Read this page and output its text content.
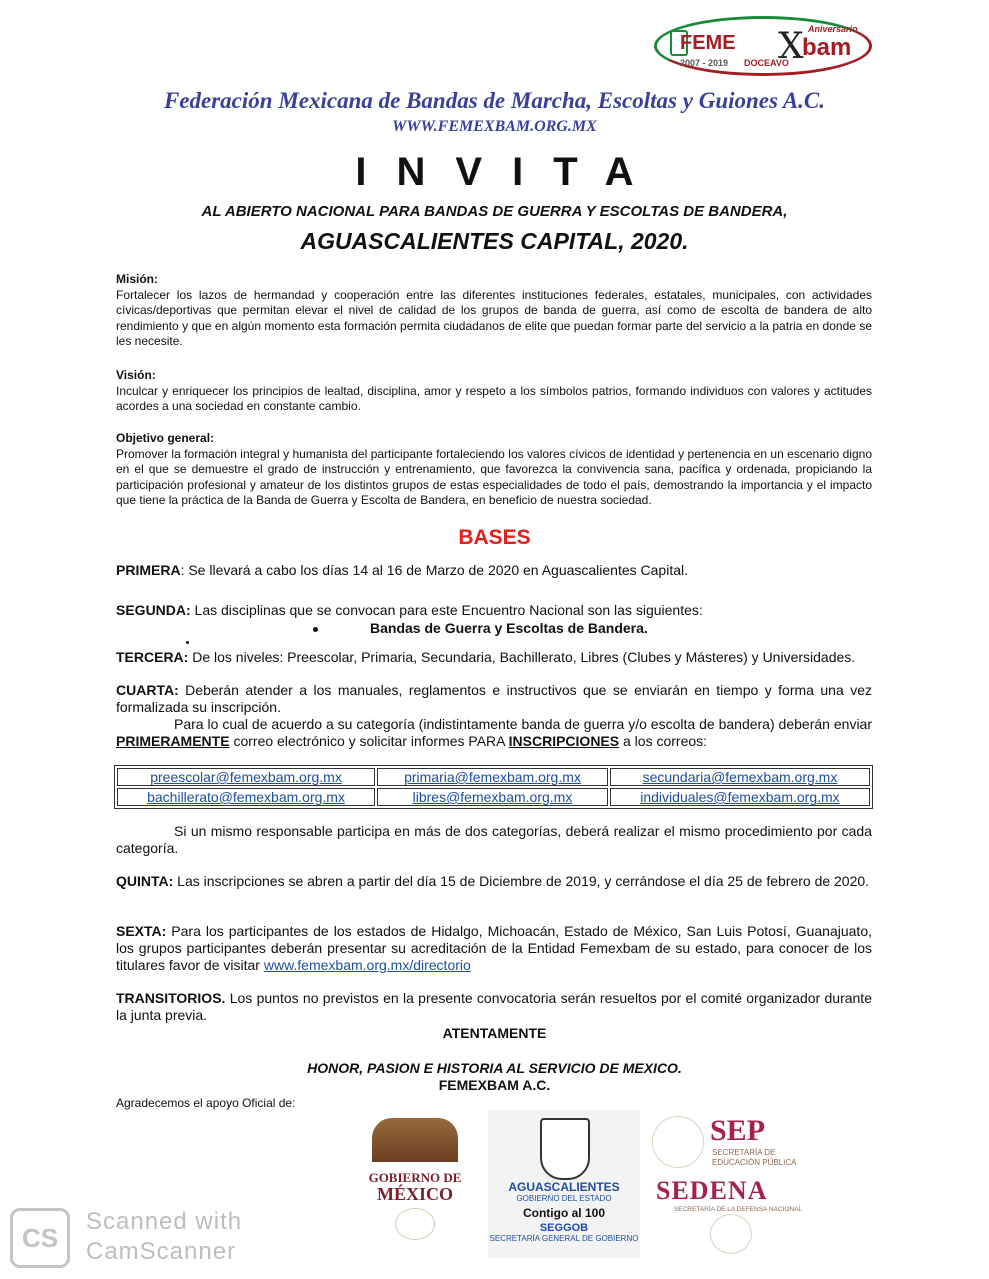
FEME X
bam
Aniversario
2007 - 2019 DOCEAVO
Federación Mexicana de Bandas de Marcha, Escoltas y Guiones A.C.
WWW.FEMEXBAM.ORG.MX
INVITA
AL ABIERTO NACIONAL PARA BANDAS DE GUERRA Y ESCOLTAS DE BANDERA,
AGUASCALIENTES CAPITAL, 2020.
Misión:
Fortalecer los lazos de hermandad y cooperación entre las diferentes instituciones federales, estatales, municipales, con actividades cívicas/deportivas que permitan elevar el nivel de calidad de los grupos de banda de guerra, así como de escolta de bandera de alto rendimiento y que en algún momento esta formación permita ciudadanos de elite que puedan formar parte del servicio a la patria en donde se les necesite.
Visión:
Inculcar y enriquecer los principios de lealtad, disciplina, amor y respeto a los símbolos patrios, formando individuos con valores y actitudes acordes a una sociedad en constante cambio.
Objetivo general:
Promover la formación integral y humanista del participante fortaleciendo los valores cívicos de identidad y pertenencia en un escenario digno en el que se demuestre el grado de instrucción y entrenamiento, que favorezca la convivencia sana, pacífica y ordenada, propiciando la participación profesional y amateur de los distintos grupos de estas especialidades de todo el país, demostrando la importancia y el impacto que tiene la práctica de la Banda de Guerra y Escolta de Bandera, en beneficio de nuestra sociedad.
BASES
PRIMERA: Se llevará a cabo los días 14 al 16 de Marzo de 2020 en Aguascalientes Capital.
SEGUNDA: Las disciplinas que se convocan para este Encuentro Nacional son las siguientes:
Bandas de Guerra y Escoltas de Bandera.
TERCERA: De los niveles: Preescolar, Primaria, Secundaria, Bachillerato, Libres (Clubes y Másteres) y Universidades.
CUARTA: Deberán atender a los manuales, reglamentos e instructivos que se enviarán en tiempo y forma una vez formalizada su inscripción.
Para lo cual de acuerdo a su categoría (indistintamente banda de guerra y/o escolta de bandera) deberán enviar PRIMERAMENTE correo electrónico y solicitar informes PARA INSCRIPCIONES a los correos:
preescolar@femexbam.org.mx	primaria@femexbam.org.mx	secundaria@femexbam.org.mx
bachillerato@femexbam.org.mx	libres@femexbam.org.mx	individuales@femexbam.org.mx
Si un mismo responsable participa en más de dos categorías, deberá realizar el mismo procedimiento por cada categoría.
QUINTA: Las inscripciones se abren a partir del día 15 de Diciembre de 2019, y cerrándose el día 25 de febrero de 2020.
SEXTA: Para los participantes de los estados de Hidalgo, Michoacán, Estado de México, San Luis Potosí, Guanajuato, los grupos participantes deberán presentar su acreditación de la Entidad Femexbam de su estado, para conocer de los titulares favor de visitar www.femexbam.org.mx/directorio
TRANSITORIOS. Los puntos no previstos en la presente convocatoria serán resueltos por el comité organizador durante la junta previa.
ATENTAMENTE
HONOR, PASION E HISTORIA AL SERVICIO DE MEXICO.
FEMEXBAM A.C.
Agradecemos el apoyo Oficial de:
GOBIERNO DE
MÉXICO	AGUASCALIENTES
GOBIERNO DEL ESTADO
Contigo al 100
SEGGOB
SECRETARÍA GENERAL DE GOBIERNO
SEP
SECRETARÍA DE EDUCACIÓN PÚBLICA
SEDENA
SECRETARÍA DE LA DEFENSA NACIONAL
CS
Scanned with
CamScanner
